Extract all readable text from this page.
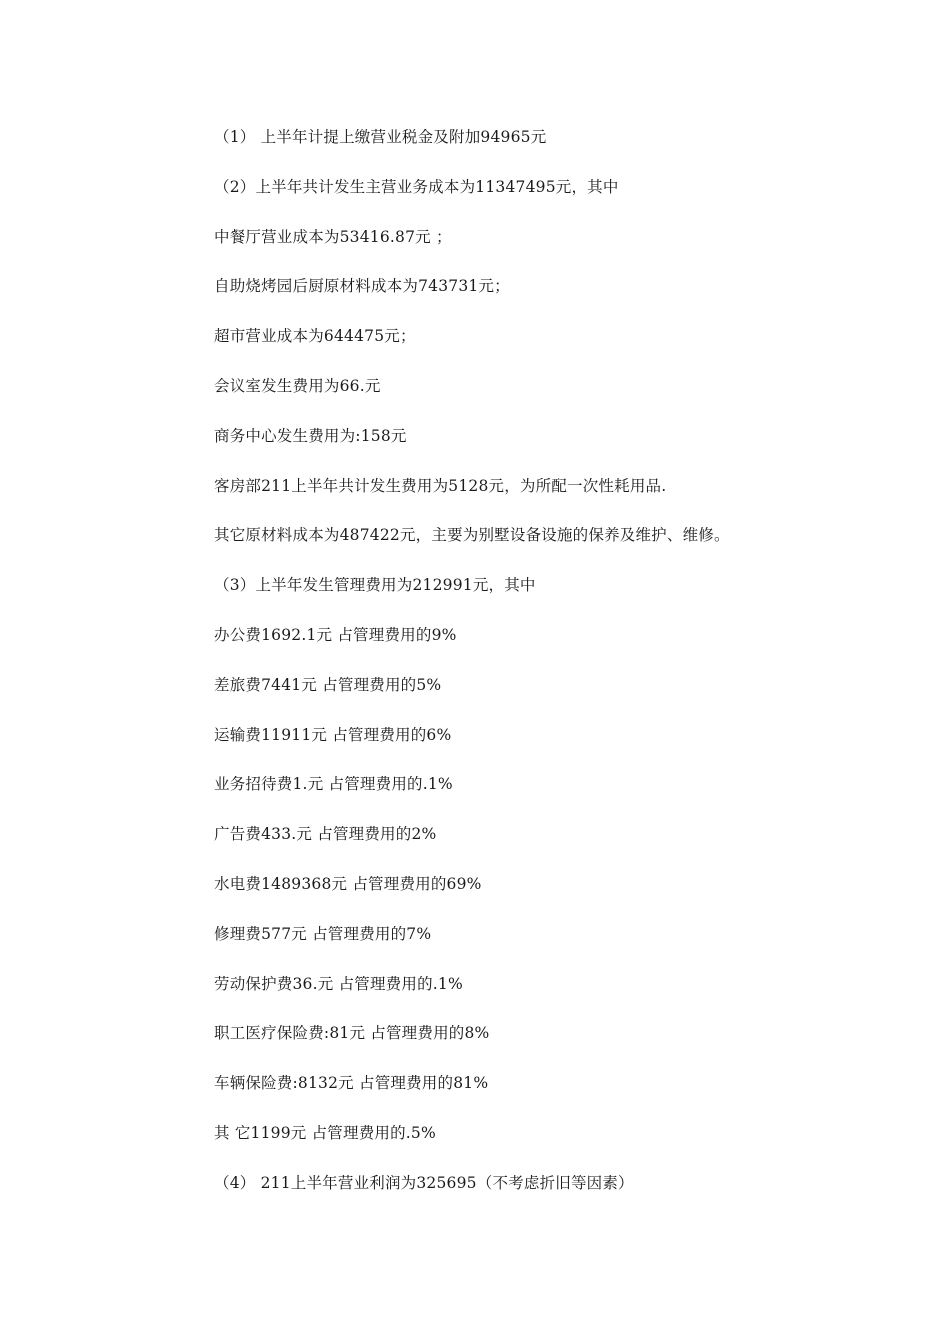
（1） 上半年计提上缴营业税金及附加94965元
（2）上半年共计发生主营业务成本为11347495元，其中
中餐厅营业成本为53416.87元 ；
自助烧烤园后厨原材料成本为743731元；
超市营业成本为644475元；
会议室发生费用为66.元
商务中心发生费用为:158元
客房部211上半年共计发生费用为5128元，为所配一次性耗用品.
其它原材料成本为487422元，主要为别墅设备设施的保养及维护、维修。
（3）上半年发生管理费用为212991元，其中
办公费1692.1元 占管理费用的9%
差旅费7441元 占管理费用的5%
运输费11911元 占管理费用的6%
业务招待费1.元 占管理费用的.1%
广告费433.元 占管理费用的2%
水电费1489368元 占管理费用的69%
修理费577元 占管理费用的7%
劳动保护费36.元 占管理费用的.1%
职工医疗保险费:81元 占管理费用的8%
车辆保险费:8132元 占管理费用的81%
其 它1199元 占管理费用的.5%
（4） 211上半年营业利润为325695（不考虑折旧等因素）
